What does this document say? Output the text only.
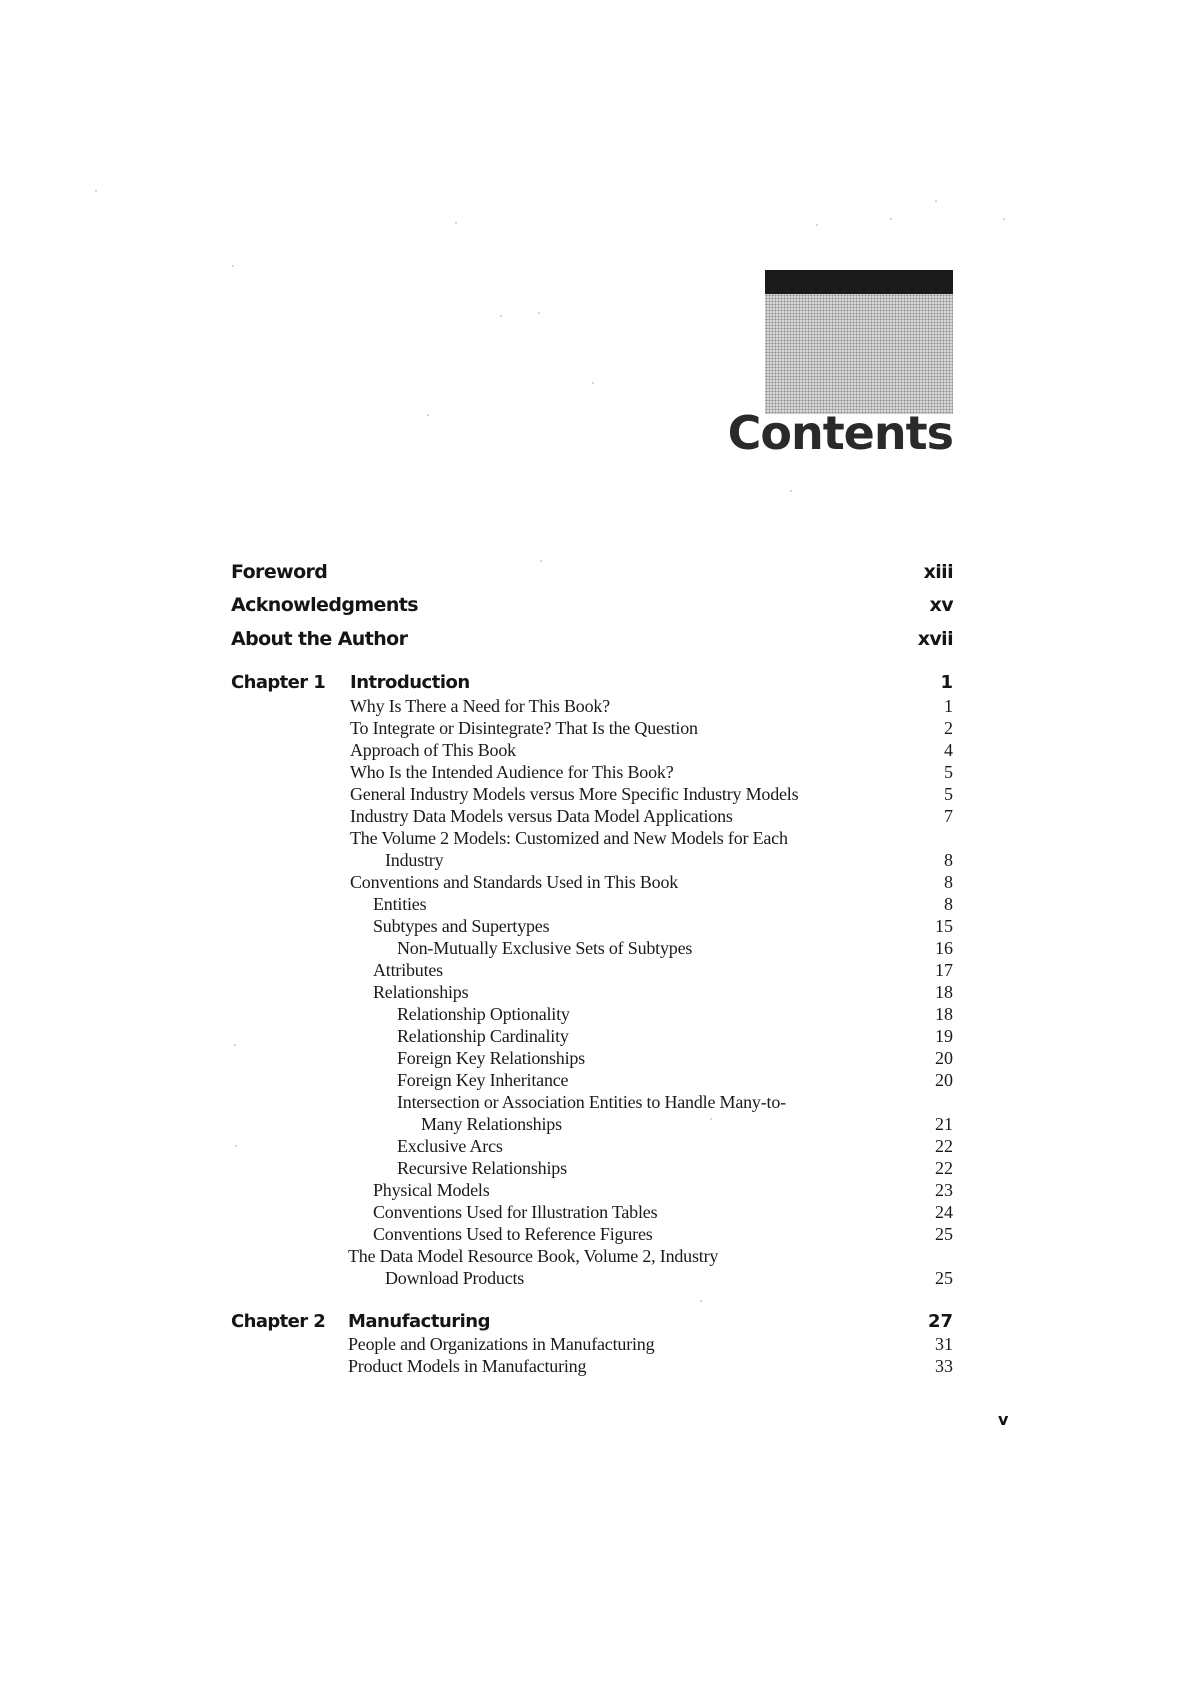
Contents
Foreword	xiii
Acknowledgments	xv
About the Author	xvii
Chapter 1 Introduction	1
Why Is There a Need for This Book?	1
To Integrate or Disintegrate? That Is the Question	2
Approach of This Book	4
Who Is the Intended Audience for This Book?	5
General Industry Models versus More Specific Industry Models	5
Industry Data Models versus Data Model Applications	7
The Volume 2 Models: Customized and New Models for Each
Industry	8
Conventions and Standards Used in This Book	8
Entities	8
Subtypes and Supertypes	15
Non-Mutually Exclusive Sets of Subtypes	16
Attributes	17
Relationships	18
Relationship Optionality	18
Relationship Cardinality	19
Foreign Key Relationships	20
Foreign Key Inheritance	20
Intersection or Association Entities to Handle Many-to-
Many Relationships	21
Exclusive Arcs	22
Recursive Relationships	22
Physical Models	23
Conventions Used for Illustration Tables	24
Conventions Used to Reference Figures	25
The Data Model Resource Book, Volume 2, Industry
Download Products	25
Chapter 2 Manufacturing	27
People and Organizations in Manufacturing	31
Product Models in Manufacturing	33
v
